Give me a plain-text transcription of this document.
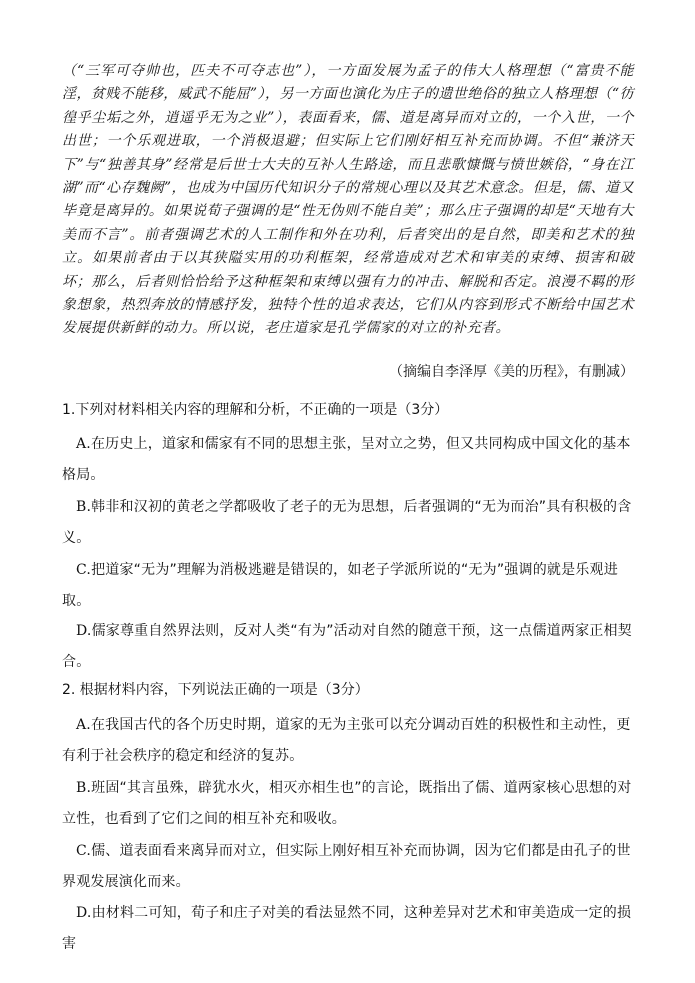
（“三军可夺帅也，匹夫不可夺志也”），一方面发展为孟子的伟大人格理想（“富贵不能淫，贫贱不能移，威武不能屈”），另一方面也演化为庄子的遗世绝俗的独立人格理想（“彷徨乎尘垢之外，逍遥乎无为之业”），表面看来，儒、道是离异而对立的，一个入世，一个出世；一个乐观进取，一个消极退避；但实际上它们刚好相互补充而协调。不但“兼济天下”与“独善其身”经常是后世士大夫的互补人生路途，而且悲歌慷慨与愤世嫉俗，“身在江湖”而“心存魏阙”，也成为中国历代知识分子的常规心理以及其艺术意念。但是，儒、道又毕竟是离异的。如果说荀子强调的是“性无伪则不能自美”；那么庄子强调的却是“天地有大美而不言”。前者强调艺术的人工制作和外在功利，后者突出的是自然，即美和艺术的独立。如果前者由于以其狭隘实用的功利框架，经常造成对艺术和审美的束缚、损害和破坏；那么，后者则恰恰给予这种框架和束缚以强有力的冲击、解脱和否定。浪漫不羁的形象想象，热烈奔放的情感抒发，独特个性的追求表达，它们从内容到形式不断给中国艺术发展提供新鲜的动力。所以说，老庄道家是孔学儒家的对立的补充者。

（摘编自李泽厚《美的历程》，有删减）

1.下列对材料相关内容的理解和分析，不正确的一项是（3分）

A.在历史上，道家和儒家有不同的思想主张，呈对立之势，但又共同构成中国文化的基本格局。

B.韩非和汉初的黄老之学都吸收了老子的无为思想，后者强调的“无为而治”具有积极的含义。

C.把道家“无为”理解为消极逃避是错误的，如老子学派所说的“无为”强调的就是乐观进取。

D.儒家尊重自然界法则，反对人类“有为”活动对自然的随意干预，这一点儒道两家正相契合。

2. 根据材料内容，下列说法正确的一项是（3分）

A.在我国古代的各个历史时期，道家的无为主张可以充分调动百姓的积极性和主动性，更有利于社会秩序的稳定和经济的复苏。

B.班固“其言虽殊，辟犹水火，相灭亦相生也”的言论，既指出了儒、道两家核心思想的对立性，也看到了它们之间的相互补充和吸收。

C.儒、道表面看来离异而对立，但实际上刚好相互补充而协调，因为它们都是由孔子的世界观发展演化而来。

D.由材料二可知，荀子和庄子对美的看法显然不同，这种差异对艺术和审美造成一定的损害
